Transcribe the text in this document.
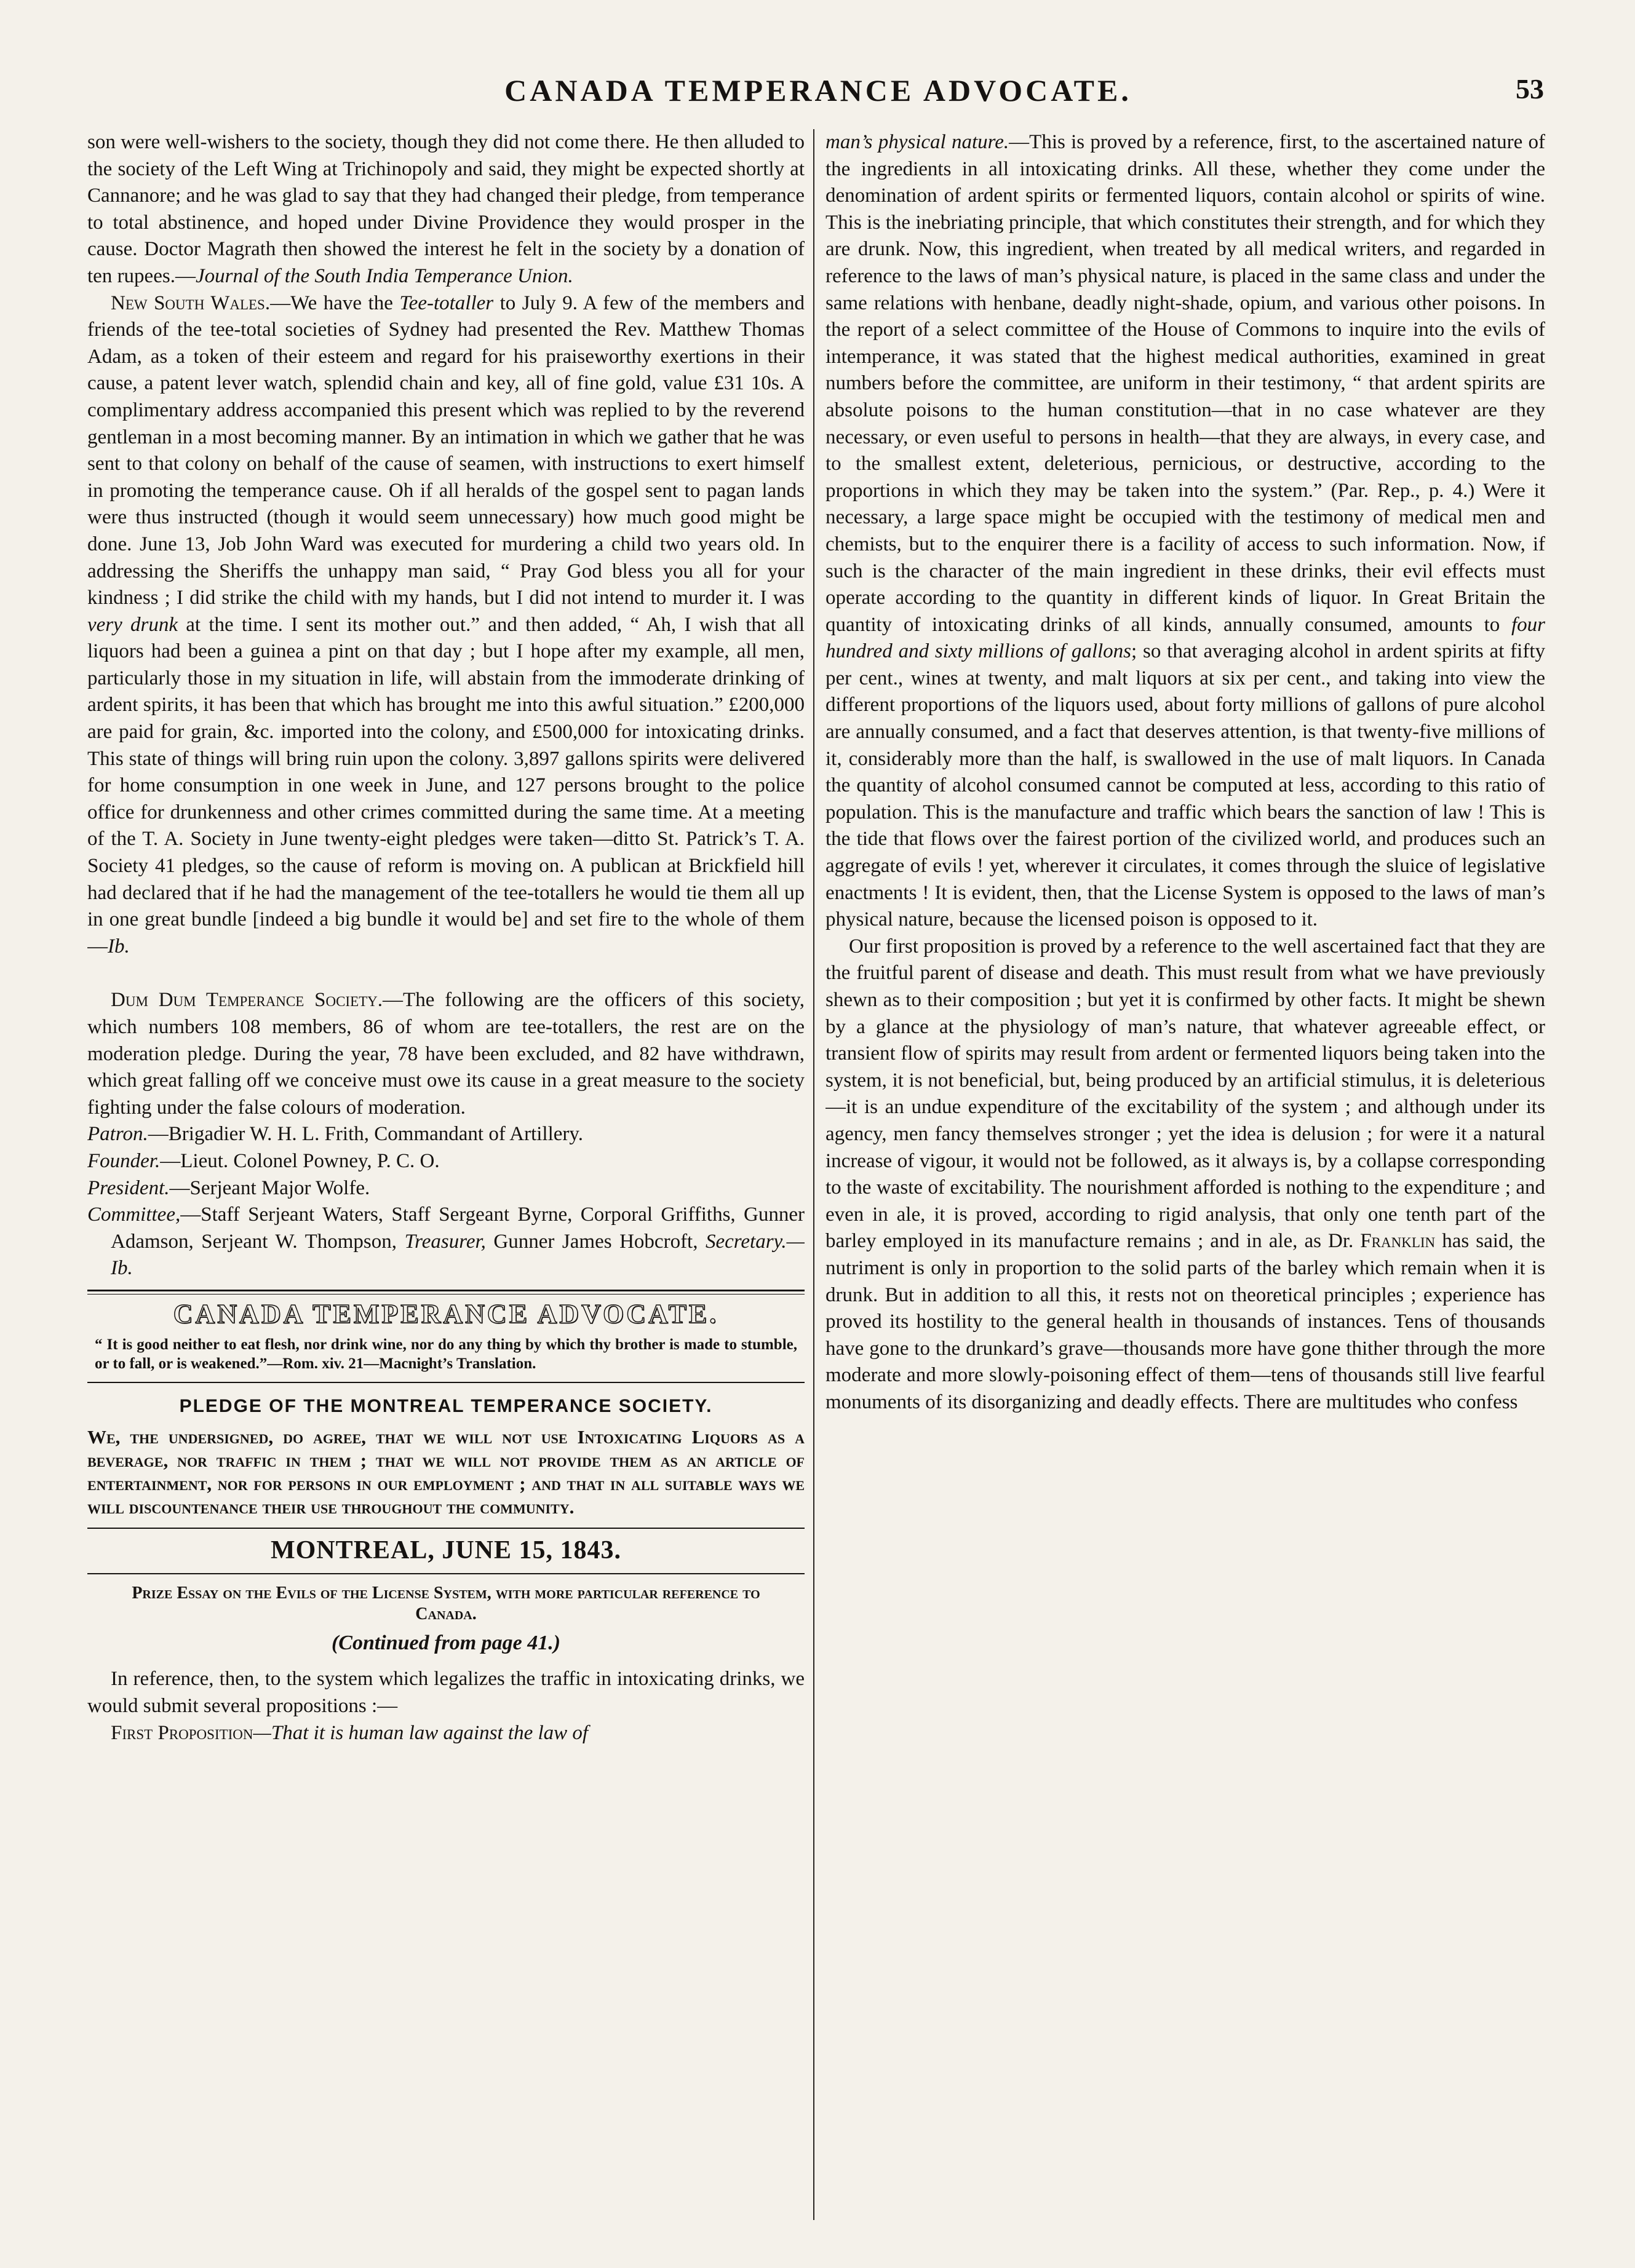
CANADA TEMPERANCE ADVOCATE.	53

son were well-wishers to the society, though they did not come there. He then alluded to the society of the Left Wing at Trichinopoly and said, they might be expected shortly at Cannanore; and he was glad to say that they had changed their pledge, from temperance to total abstinence, and hoped under Divine Providence they would prosper in the cause. Doctor Magrath then showed the interest he felt in the society by a donation of ten rupees.—Journal of the South India Temperance Union.

New South Wales.—We have the Tee-totaller to July 9. A few of the members and friends of the tee-total societies of Sydney had presented the Rev. Matthew Thomas Adam, as a token of their esteem and regard for his praiseworthy exertions in their cause, a patent lever watch, splendid chain and key, all of fine gold, value £31 10s. A complimentary address accompanied this present which was replied to by the reverend gentleman in a most becoming manner. By an intimation in which we gather that he was sent to that colony on behalf of the cause of seamen, with instructions to exert himself in promoting the temperance cause. Oh if all heralds of the gospel sent to pagan lands were thus instructed (though it would seem unnecessary) how much good might be done. June 13, Job John Ward was executed for murdering a child two years old. In addressing the Sheriffs the unhappy man said, “ Pray God bless you all for your kindness ; I did strike the child with my hands, but I did not intend to murder it. I was very drunk at the time. I sent its mother out.” and then added, “ Ah, I wish that all liquors had been a guinea a pint on that day ; but I hope after my example, all men, particularly those in my situation in life, will abstain from the immoderate drinking of ardent spirits, it has been that which has brought me into this awful situation.” £200,000 are paid for grain, &c. imported into the colony, and £500,000 for intoxicating drinks. This state of things will bring ruin upon the colony. 3,897 gallons spirits were delivered for home consumption in one week in June, and 127 persons brought to the police office for drunkenness and other crimes committed during the same time. At a meeting of the T. A. Society in June twenty-eight pledges were taken—ditto St. Patrick’s T. A. Society 41 pledges, so the cause of reform is moving on. A publican at Brickfield hill had declared that if he had the management of the tee-totallers he would tie them all up in one great bundle [indeed a big bundle it would be] and set fire to the whole of them—Ib.

Dum Dum Temperance Society.—The following are the officers of this society, which numbers 108 members, 86 of whom are tee-totallers, the rest are on the moderation pledge. During the year, 78 have been excluded, and 82 have withdrawn, which great falling off we conceive must owe its cause in a great measure to the society fighting under the false colours of moderation.

Patron.—Brigadier W. H. L. Frith, Commandant of Artillery.

Founder.—Lieut. Colonel Powney, P. C. O.

President.—Serjeant Major Wolfe.

Committee,—Staff Serjeant Waters, Staff Sergeant Byrne, Corporal Griffiths, Gunner Adamson, Serjeant W. Thompson, Treasurer, Gunner James Hobcroft, Secretary.—Ib.

CANADA TEMPERANCE ADVOCATE.
“ It is good neither to eat flesh, nor drink wine, nor do any thing by which thy brother is made to stumble, or to fall, or is weakened.”—Rom. xiv. 21—Macnight’s Translation.
PLEDGE OF THE MONTREAL TEMPERANCE SOCIETY.

We, the undersigned, do agree, that we will not use Intoxicating Liquors as a beverage, nor traffic in them ; that we will not provide them as an article of entertainment, nor for persons in our employment ; and that in all suitable ways we will discountenance their use throughout the community.

MONTREAL, JUNE 15, 1843.
Prize Essay on the Evils of the License System, with more particular reference to Canada.
(Continued from page 41.)

In reference, then, to the system which legalizes the traffic in intoxicating drinks, we would submit several propositions :—

First Proposition—That it is human law against the law of

man’s physical nature.—This is proved by a reference, first, to the ascertained nature of the ingredients in all intoxicating drinks. All these, whether they come under the denomination of ardent spirits or fermented liquors, contain alcohol or spirits of wine. This is the inebriating principle, that which constitutes their strength, and for which they are drunk. Now, this ingredient, when treated by all medical writers, and regarded in reference to the laws of man’s physical nature, is placed in the same class and under the same relations with henbane, deadly night-shade, opium, and various other poisons. In the report of a select committee of the House of Commons to inquire into the evils of intemperance, it was stated that the highest medical authorities, examined in great numbers before the committee, are uniform in their testimony, “ that ardent spirits are absolute poisons to the human constitution—that in no case whatever are they necessary, or even useful to persons in health—that they are always, in every case, and to the smallest extent, deleterious, pernicious, or destructive, according to the proportions in which they may be taken into the system.” (Par. Rep., p. 4.) Were it necessary, a large space might be occupied with the testimony of medical men and chemists, but to the enquirer there is a facility of access to such information. Now, if such is the character of the main ingredient in these drinks, their evil effects must operate according to the quantity in different kinds of liquor. In Great Britain the quantity of intoxicating drinks of all kinds, annually consumed, amounts to four hundred and sixty millions of gallons; so that averaging alcohol in ardent spirits at fifty per cent., wines at twenty, and malt liquors at six per cent., and taking into view the different proportions of the liquors used, about forty millions of gallons of pure alcohol are annually consumed, and a fact that deserves attention, is that twenty-five millions of it, considerably more than the half, is swallowed in the use of malt liquors. In Canada the quantity of alcohol consumed cannot be computed at less, according to this ratio of population. This is the manufacture and traffic which bears the sanction of law ! This is the tide that flows over the fairest portion of the civilized world, and produces such an aggregate of evils ! yet, wherever it circulates, it comes through the sluice of legislative enactments ! It is evident, then, that the License System is opposed to the laws of man’s physical nature, because the licensed poison is opposed to it.

Our first proposition is proved by a reference to the well ascertained fact that they are the fruitful parent of disease and death. This must result from what we have previously shewn as to their composition ; but yet it is confirmed by other facts. It might be shewn by a glance at the physiology of man’s nature, that whatever agreeable effect, or transient flow of spirits may result from ardent or fermented liquors being taken into the system, it is not beneficial, but, being produced by an artificial stimulus, it is deleterious—it is an undue expenditure of the excitability of the system ; and although under its agency, men fancy themselves stronger ; yet the idea is delusion ; for were it a natural increase of vigour, it would not be followed, as it always is, by a collapse corresponding to the waste of excitability. The nourishment afforded is nothing to the expenditure ; and even in ale, it is proved, according to rigid analysis, that only one tenth part of the barley employed in its manufacture remains ; and in ale, as Dr. Franklin has said, the nutriment is only in proportion to the solid parts of the barley which remain when it is drunk. But in addition to all this, it rests not on theoretical principles ; experience has proved its hostility to the general health in thousands of instances. Tens of thousands have gone to the drunkard’s grave—thousands more have gone thither through the more moderate and more slowly-poisoning effect of them—tens of thousands still live fearful monuments of its disorganizing and deadly effects. There are multitudes who confess
